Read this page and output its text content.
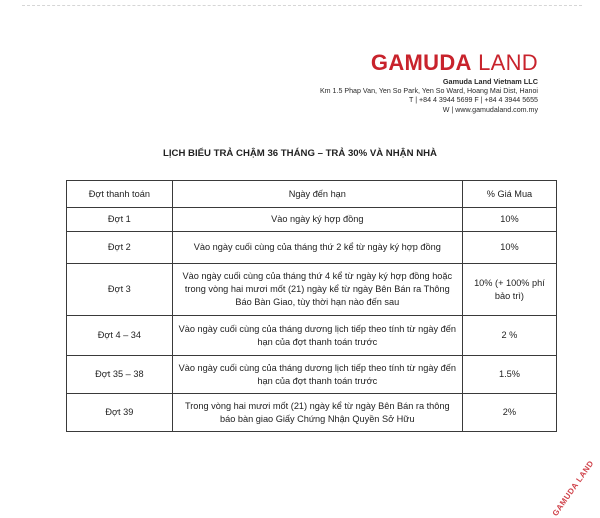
GAMUDA LAND
Gamuda Land Vietnam LLC
Km 1.5 Phap Van, Yen So Park, Yen So Ward, Hoang Mai Dist, Hanoi
T | +84 4 3944 5699 F | +84 4 3944 5655
W | www.gamudaland.com.my
LỊCH BIỂU TRẢ CHẬM 36 THÁNG – TRẢ 30% VÀ NHẬN NHÀ
Đợt thanh toán	Ngày đến hạn	% Giá Mua
Đợt 1	Vào ngày ký hợp đồng	10%
Đợt 2	Vào ngày cuối cùng của tháng thứ 2 kể từ ngày ký hợp đồng	10%
Đợt 3	Vào ngày cuối cùng của tháng thứ 4 kể từ ngày ký hợp đồng hoặc trong vòng hai mươi mốt (21) ngày kể từ ngày Bên Bán ra Thông Báo Bàn Giao, tùy thời hạn nào đến sau	10% (+ 100% phí bảo trì)
Đợt 4 – 34	Vào ngày cuối cùng của tháng dương lịch tiếp theo tính từ ngày đến hạn của đợt thanh toán trước	2 %
Đợt 35 – 38	Vào ngày cuối cùng của tháng dương lịch tiếp theo tính từ ngày đến hạn của đợt thanh toán trước	1.5%
Đợt 39	Trong vòng hai mươi mốt (21) ngày kể từ ngày Bên Bán ra thông báo bàn giao Giấy Chứng Nhận Quyền Sở Hữu	2%
GAMUDA LAND
